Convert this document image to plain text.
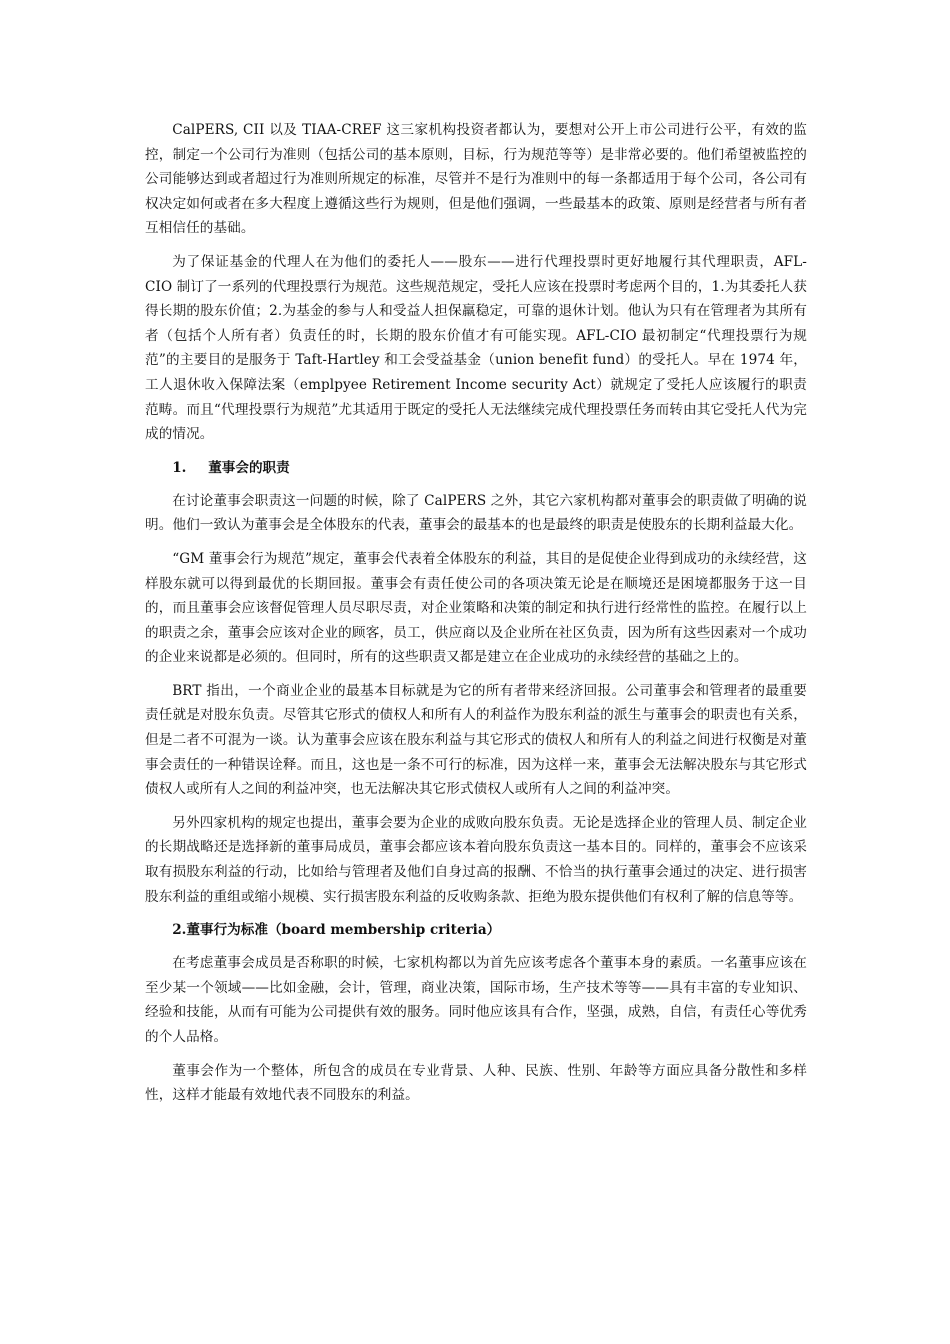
CalPERS, CII 以及 TIAA-CREF 这三家机构投资者都认为，要想对公开上市公司进行公平，有效的监控，制定一个公司行为准则（包括公司的基本原则，目标，行为规范等等）是非常必要的。他们希望被监控的公司能够达到或者超过行为准则所规定的标准，尽管并不是行为准则中的每一条都适用于每个公司，各公司有权决定如何或者在多大程度上遵循这些行为规则，但是他们强调，一些最基本的政策、原则是经营者与所有者互相信任的基础。

为了保证基金的代理人在为他们的委托人——股东——进行代理投票时更好地履行其代理职责，AFL-CIO 制订了一系列的代理投票行为规范。这些规范规定，受托人应该在投票时考虑两个目的，1.为其委托人获得长期的股东价值；2.为基金的参与人和受益人担保羸稳定，可靠的退休计划。他认为只有在管理者为其所有者（包括个人所有者）负责任的时，长期的股东价值才有可能实现。AFL-CIO 最初制定“代理投票行为规范”的主要目的是服务于 Taft-Hartley 和工会受益基金（union benefit fund）的受托人。早在 1974 年，工人退休收入保障法案（emplpyee Retirement Income security Act）就规定了受托人应该履行的职责范畴。而且“代理投票行为规范”尤其适用于既定的受托人无法继续完成代理投票任务而转由其它受托人代为完成的情况。

1. 董事会的职责

在讨论董事会职责这一问题的时候，除了 CalPERS 之外，其它六家机构都对董事会的职责做了明确的说明。他们一致认为董事会是全体股东的代表，董事会的最基本的也是最终的职责是使股东的长期利益最大化。

“GM 董事会行为规范”规定，董事会代表着全体股东的利益，其目的是促使企业得到成功的永续经营，这样股东就可以得到最优的长期回报。董事会有责任使公司的各项决策无论是在顺境还是困境都服务于这一目的，而且董事会应该督促管理人员尽职尽责，对企业策略和决策的制定和执行进行经常性的监控。在履行以上的职责之余，董事会应该对企业的顾客，员工，供应商以及企业所在社区负责，因为所有这些因素对一个成功的企业来说都是必须的。但同时，所有的这些职责又都是建立在企业成功的永续经营的基础之上的。

BRT 指出，一个商业企业的最基本目标就是为它的所有者带来经济回报。公司董事会和管理者的最重要责任就是对股东负责。尽管其它形式的债权人和所有人的利益作为股东利益的派生与董事会的职责也有关系，但是二者不可混为一谈。认为董事会应该在股东利益与其它形式的债权人和所有人的利益之间进行权衡是对董事会责任的一种错误诠释。而且，这也是一条不可行的标准，因为这样一来，董事会无法解决股东与其它形式债权人或所有人之间的利益冲突，也无法解决其它形式债权人或所有人之间的利益冲突。

另外四家机构的规定也提出，董事会要为企业的成败向股东负责。无论是选择企业的管理人员、制定企业的长期战略还是选择新的董事局成员，董事会都应该本着向股东负责这一基本目的。同样的，董事会不应该采取有损股东利益的行动，比如给与管理者及他们自身过高的报酬、不恰当的执行董事会通过的决定、进行损害股东利益的重组或缩小规模、实行损害股东利益的反收购条款、拒绝为股东提供他们有权利了解的信息等等。

2.董事行为标准（board membership criteria）

在考虑董事会成员是否称职的时候，七家机构都以为首先应该考虑各个董事本身的素质。一名董事应该在至少某一个领域——比如金融，会计，管理，商业决策，国际市场，生产技术等等——具有丰富的专业知识、经验和技能，从而有可能为公司提供有效的服务。同时他应该具有合作，坚强，成熟，自信，有责任心等优秀的个人品格。

董事会作为一个整体，所包含的成员在专业背景、人种、民族、性别、年龄等方面应具备分散性和多样性，这样才能最有效地代表不同股东的利益。
